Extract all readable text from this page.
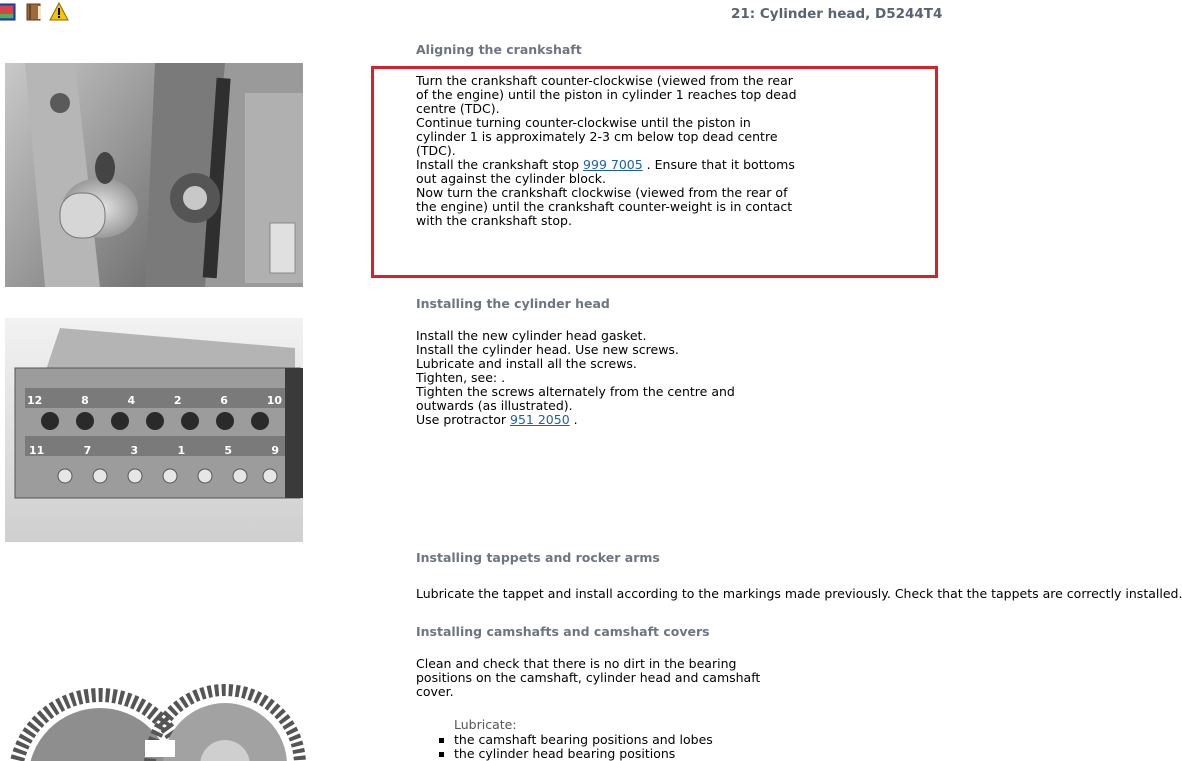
21: Cylinder head, D5244T4
Aligning the crankshaft
12	8	4	2	6	10
11	7	3	1	5	9

Turn the crankshaft counter-clockwise (viewed from the rear of the engine) until the piston in cylinder 1 reaches top dead centre (TDC).

Continue turning counter-clockwise until the piston in cylinder 1 is approximately 2-3 cm below top dead centre (TDC).

Install the crankshaft stop 999 7005 . Ensure that it bottoms out against the cylinder block.

Now turn the crankshaft clockwise (viewed from the rear of the engine) until the crankshaft counter-weight is in contact with the crankshaft stop.

Installing the cylinder head

Install the new cylinder head gasket.

Install the cylinder head. Use new screws.

Lubricate and install all the screws.

Tighten, see: .

Tighten the screws alternately from the centre and outwards (as illustrated).

Use protractor 951 2050 .

Installing tappets and rocker arms

Lubricate the tappet and install according to the markings made previously. Check that the tappets are correctly installed.

Installing camshafts and camshaft covers

Clean and check that there is no dirt in the bearing positions on the camshaft, cylinder head and camshaft cover.

Lubricate:
the camshaft bearing positions and lobes
the cylinder head bearing positions
